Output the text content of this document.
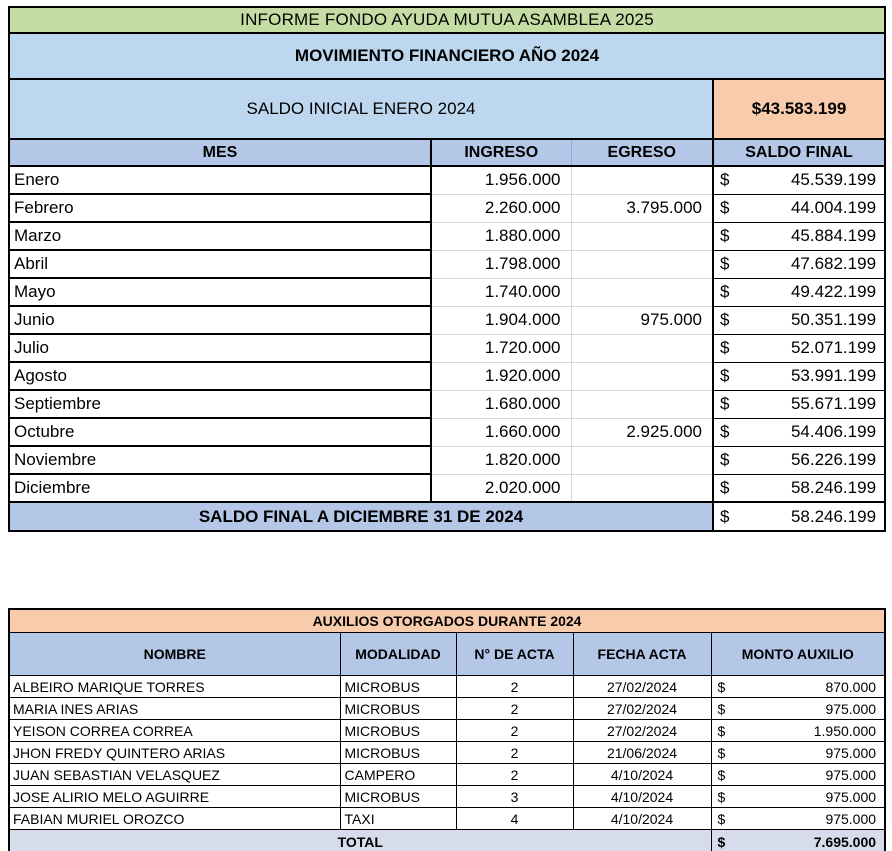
INFORME FONDO AYUDA MUTUA ASAMBLEA 2025			
MOVIMIENTO FINANCIERO AÑO 2024			
SALDO INICIAL ENERO 2024			$43.583.199
MES	INGRESO	EGRESO	SALDO FINAL
Enero	1.956.000		$ 45.539.199

Febrero	2.260.000	3.795.000	$ 44.004.199

Marzo	1.880.000		$ 45.884.199

Abril	1.798.000		$ 47.682.199

Mayo	1.740.000		$ 49.422.199

Junio	1.904.000	975.000	$ 50.351.199

Julio	1.720.000		$ 52.071.199

Agosto	1.920.000		$ 53.991.199

Septiembre	1.680.000		$ 55.671.199

Octubre	1.660.000	2.925.000	$ 54.406.199

Noviembre	1.820.000		$ 56.226.199

Diciembre	2.020.000		$ 58.246.199

SALDO FINAL A DICIEMBRE 31 DE 2024			$ 58.246.199
AUXILIOS OTORGADOS DURANTE 2024				
NOMBRE	MODALIDAD	N° DE ACTA	FECHA ACTA	MONTO AUXILIO
ALBEIRO MARIQUE TORRES	MICROBUS	2	27/02/2024	$ 870.000

MARIA INES ARIAS	MICROBUS	2	27/02/2024	$ 975.000

YEISON CORREA CORREA	MICROBUS	2	27/02/2024	$ 1.950.000

JHON FREDY QUINTERO ARIAS	MICROBUS	2	21/06/2024	$ 975.000

JUAN SEBASTIAN VELASQUEZ	CAMPERO	2	4/10/2024	$ 975.000

JOSE ALIRIO MELO AGUIRRE	MICROBUS	3	4/10/2024	$ 975.000

FABIAN MURIEL OROZCO	TAXI	4	4/10/2024	$ 975.000

TOTAL				$ 7.695.000
